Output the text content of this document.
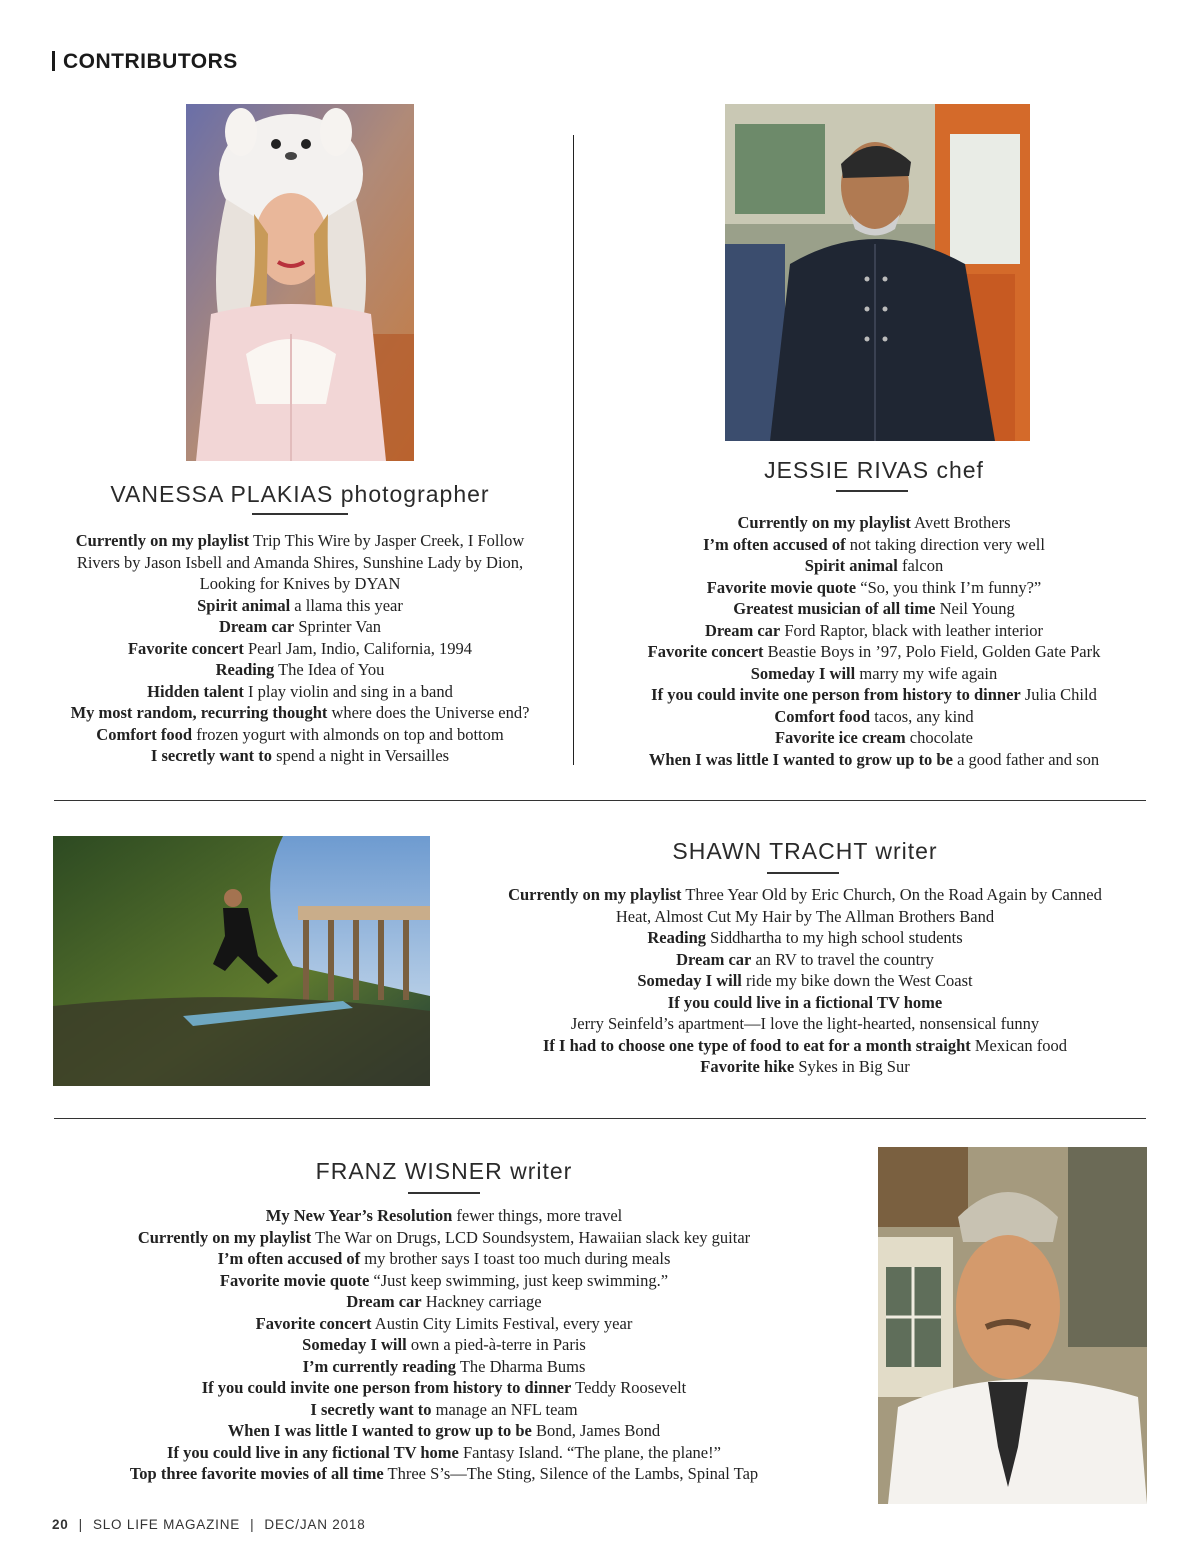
CONTRIBUTORS
VANESSA PLAKIAS photographer
Currently on my playlist Trip This Wire by Jasper Creek, I Follow
Rivers by Jason Isbell and Amanda Shires, Sunshine Lady by Dion,
Looking for Knives by DYAN
Spirit animal a llama this year
Dream car Sprinter Van
Favorite concert Pearl Jam, Indio, California, 1994
Reading The Idea of You
Hidden talent I play violin and sing in a band
My most random, recurring thought where does the Universe end?
Comfort food frozen yogurt with almonds on top and bottom
I secretly want to spend a night in Versailles
JESSIE RIVAS chef
Currently on my playlist Avett Brothers
I’m often accused of not taking direction very well
Spirit animal falcon
Favorite movie quote “So, you think I’m funny?”
Greatest musician of all time Neil Young
Dream car Ford Raptor, black with leather interior
Favorite concert Beastie Boys in ’97, Polo Field, Golden Gate Park
Someday I will marry my wife again
If you could invite one person from history to dinner Julia Child
Comfort food tacos, any kind
Favorite ice cream chocolate
When I was little I wanted to grow up to be a good father and son
SHAWN TRACHT writer
Currently on my playlist Three Year Old by Eric Church, On the Road Again by Canned
Heat, Almost Cut My Hair by The Allman Brothers Band
Reading Siddhartha to my high school students
Dream car an RV to travel the country
Someday I will ride my bike down the West Coast
If you could live in a fictional TV home
Jerry Seinfeld’s apartment—I love the light-hearted, nonsensical funny
If I had to choose one type of food to eat for a month straight Mexican food
Favorite hike Sykes in Big Sur
FRANZ WISNER writer
My New Year’s Resolution fewer things, more travel
Currently on my playlist The War on Drugs, LCD Soundsystem, Hawaiian slack key guitar
I’m often accused of my brother says I toast too much during meals
Favorite movie quote “Just keep swimming, just keep swimming.”
Dream car Hackney carriage
Favorite concert Austin City Limits Festival, every year
Someday I will own a pied-à-terre in Paris
I’m currently reading The Dharma Bums
If you could invite one person from history to dinner Teddy Roosevelt
I secretly want to manage an NFL team
When I was little I wanted to grow up to be Bond, James Bond
If you could live in any fictional TV home Fantasy Island. “The plane, the plane!”
Top three favorite movies of all time Three S’s—The Sting, Silence of the Lambs, Spinal Tap
20 | SLO LIFE MAGAZINE | DEC/JAN 2018
